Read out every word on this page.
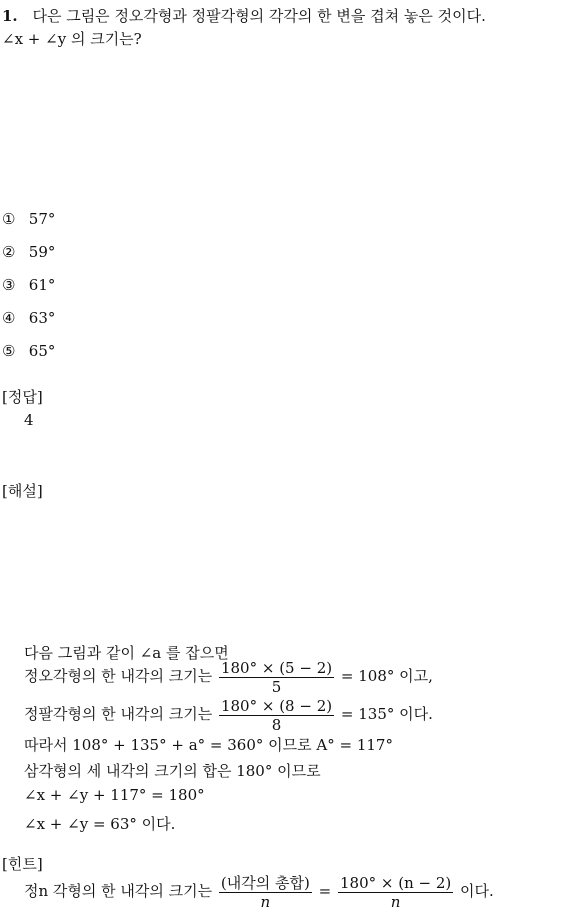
1. 다은 그림은 정오각형과 정팔각형의 각각의 한 변을 겹쳐 놓은 것이다.
∠x + ∠y 의 크기는?
① 57°
② 59°
③ 61°
④ 63°
⑤ 65°
[정답]
4
[해설]
다음 그림과 같이 ∠a 를 잡으면
정오각형의 한 내각의 크기는 $\frac{180^\circ \times (5 - 2)}{5} = 108^\circ$ 이고,
정팔각형의 한 내각의 크기는 $\frac{180^\circ \times (8 - 2)}{8} = 135^\circ$ 이다.
따라서 108° + 135° + a° = 360° 이므로 A° = 117°
삼각형의 세 내각의 크기의 합은 180° 이므로
∠x + ∠y + 117° = 180°
∠x + ∠y = 63° 이다.
[힌트]
정n 각형의 한 내각의 크기는 $\frac{\text{(내각의 총합)}}{n} = \frac{180^\circ \times (n - 2)}{n}$ 이다.
